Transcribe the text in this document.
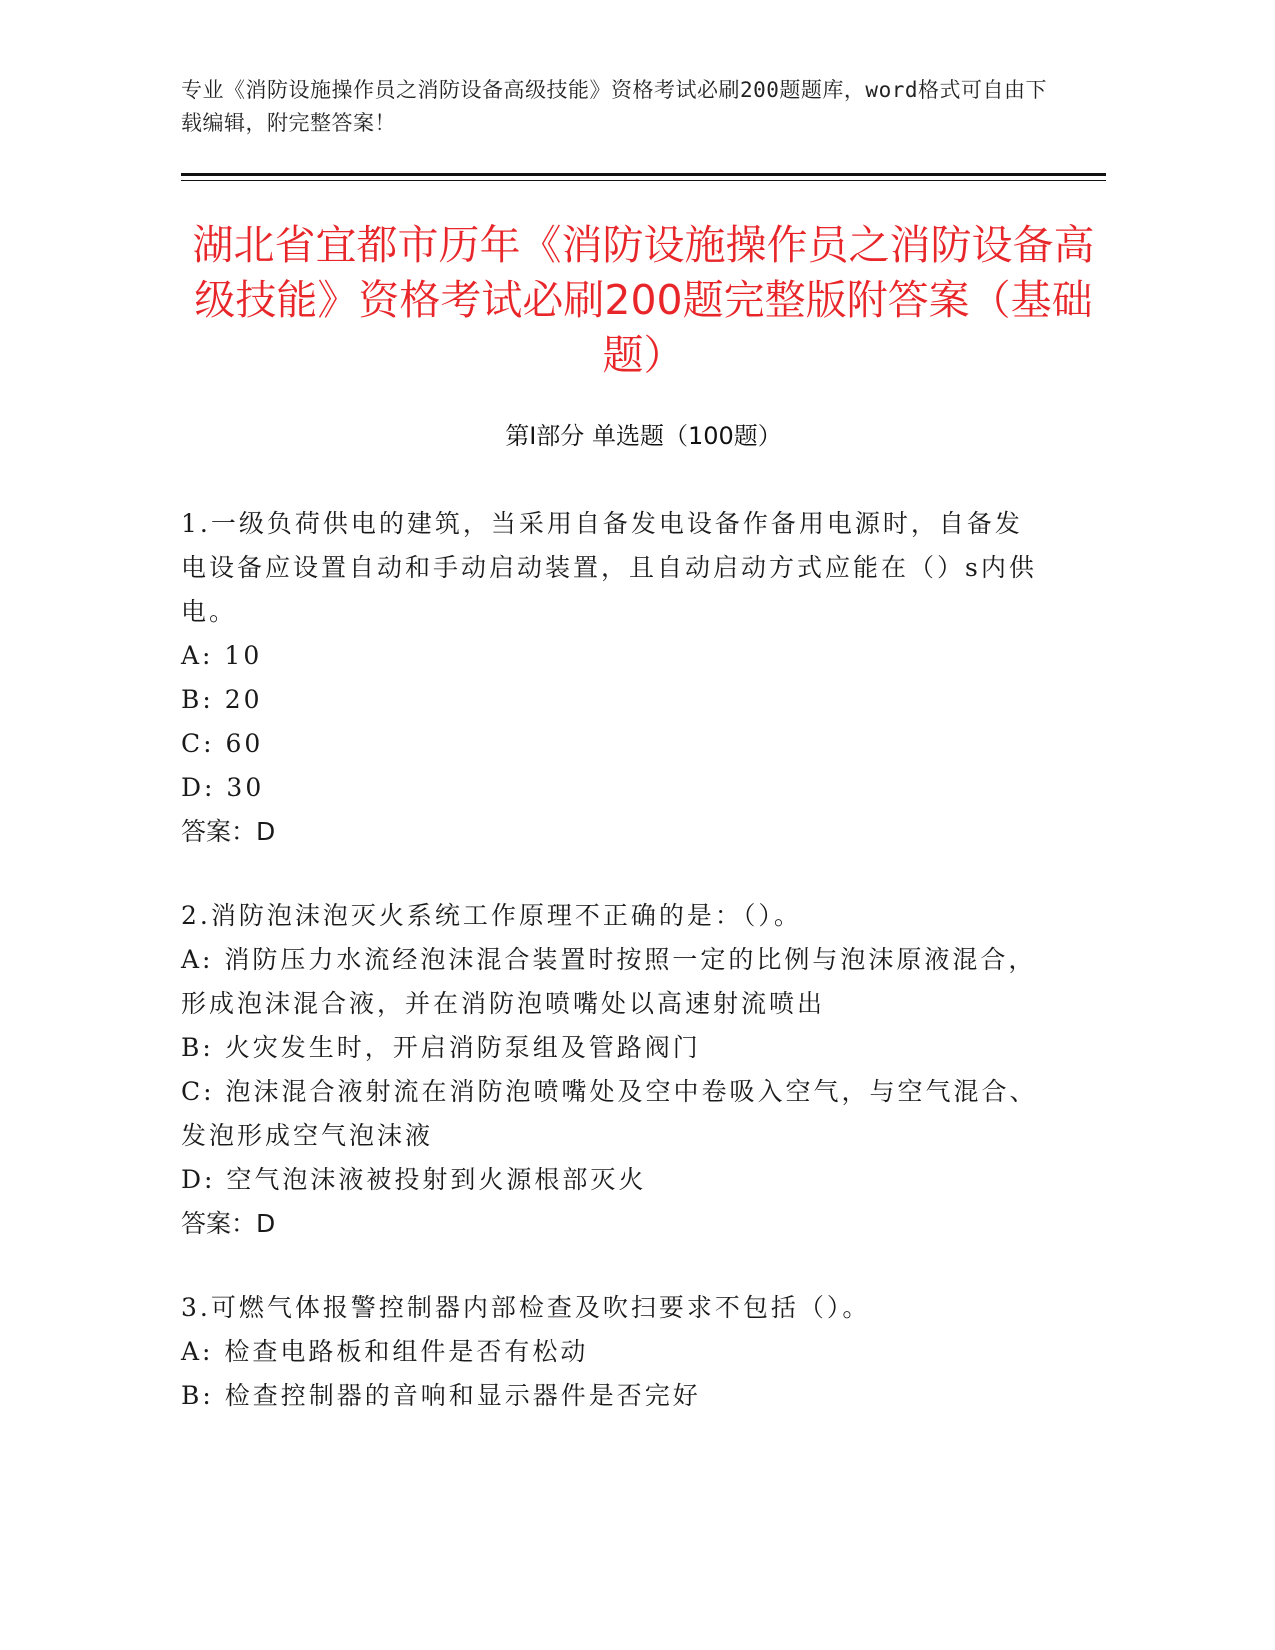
专业《消防设施操作员之消防设备高级技能》资格考试必刷200题题库，word格式可自由下载编辑，附完整答案！
湖北省宜都市历年《消防设施操作员之消防设备高级技能》资格考试必刷200题完整版附答案（基础题）
第Ⅰ部分 单选题（100题）

1.一级负荷供电的建筑，当采用自备发电设备作备用电源时，自备发电设备应设置自动和手动启动装置，且自动启动方式应能在（）s内供电。

A: 10

B: 20

C: 60

D: 30

答案：D

2.消防泡沫泡灭火系统工作原理不正确的是：（）。

A: 消防压力水流经泡沫混合装置时按照一定的比例与泡沫原液混合，形成泡沫混合液，并在消防泡喷嘴处以高速射流喷出

B: 火灾发生时，开启消防泵组及管路阀门

C: 泡沫混合液射流在消防泡喷嘴处及空中卷吸入空气，与空气混合、发泡形成空气泡沫液

D: 空气泡沫液被投射到火源根部灭火

答案：D

3.可燃气体报警控制器内部检查及吹扫要求不包括（）。

A: 检查电路板和组件是否有松动

B: 检查控制器的音响和显示器件是否完好
